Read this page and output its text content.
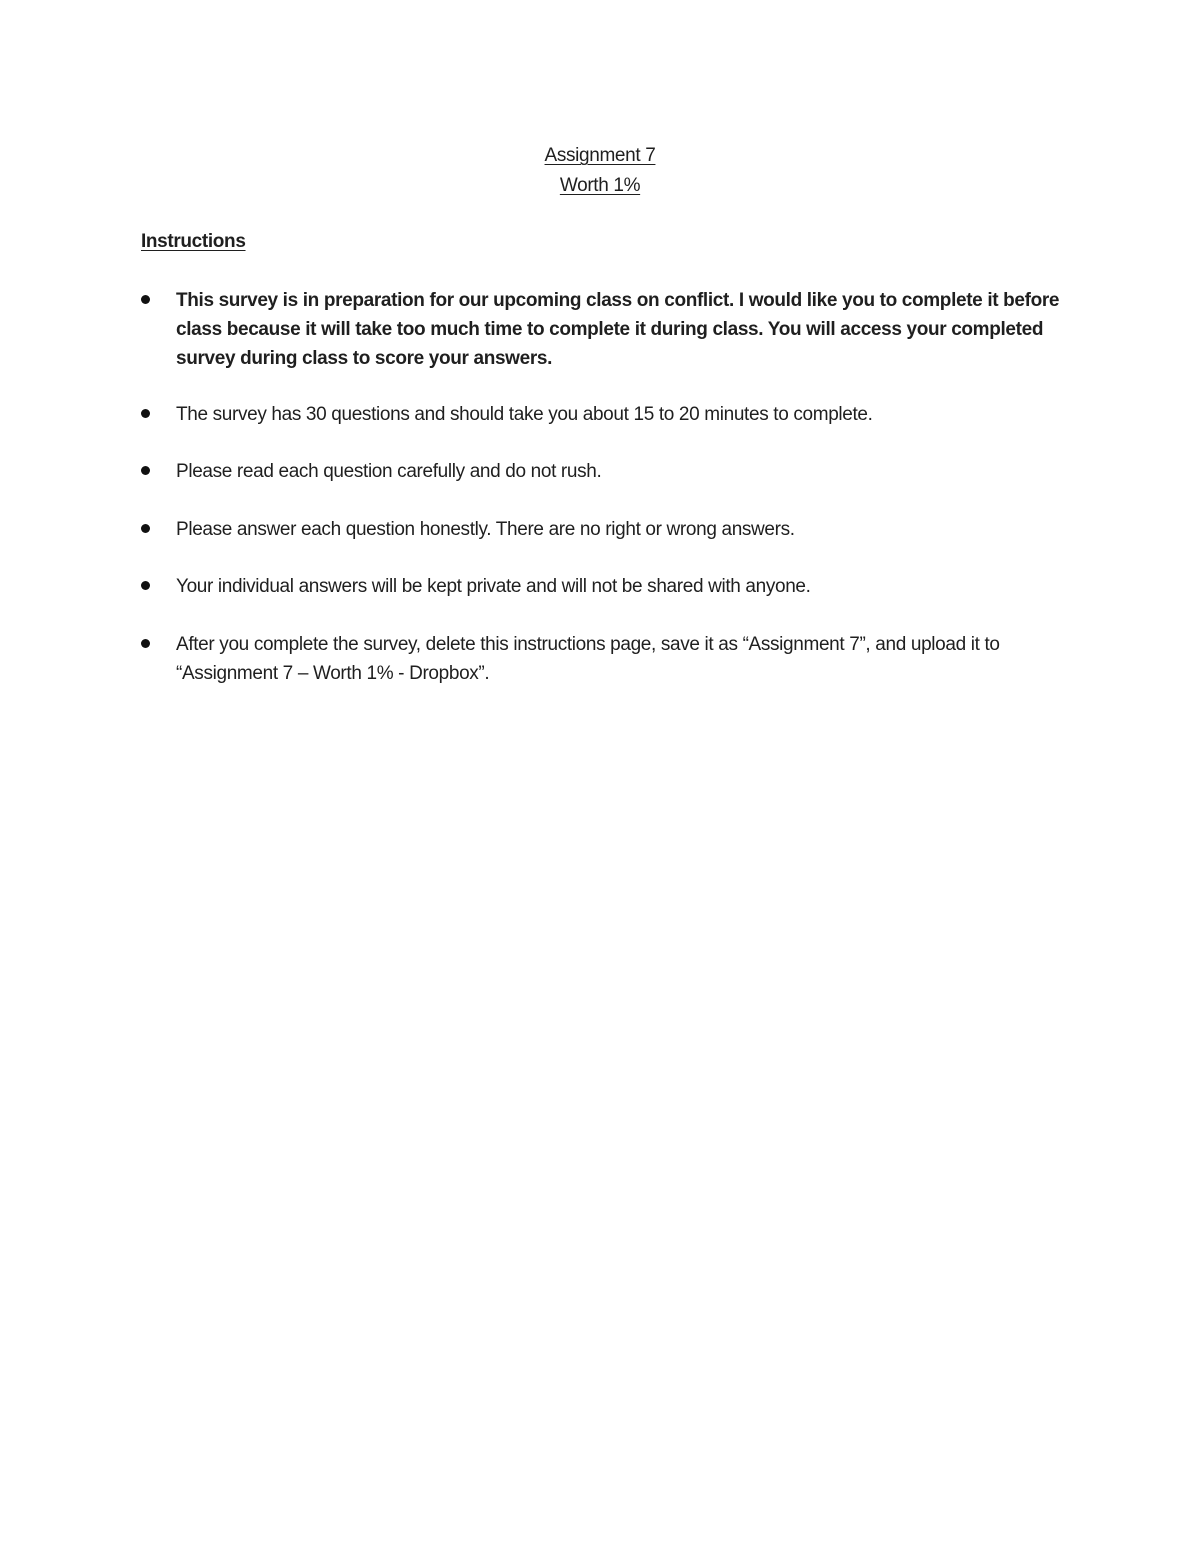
Assignment 7
Worth 1%
Instructions
This survey is in preparation for our upcoming class on conflict. I would like you to complete it before class because it will take too much time to complete it during class. You will access your completed survey during class to score your answers.
The survey has 30 questions and should take you about 15 to 20 minutes to complete.
Please read each question carefully and do not rush.
Please answer each question honestly. There are no right or wrong answers.
Your individual answers will be kept private and will not be shared with anyone.
After you complete the survey, delete this instructions page, save it as “Assignment 7”, and upload it to “Assignment 7 – Worth 1% - Dropbox”.
